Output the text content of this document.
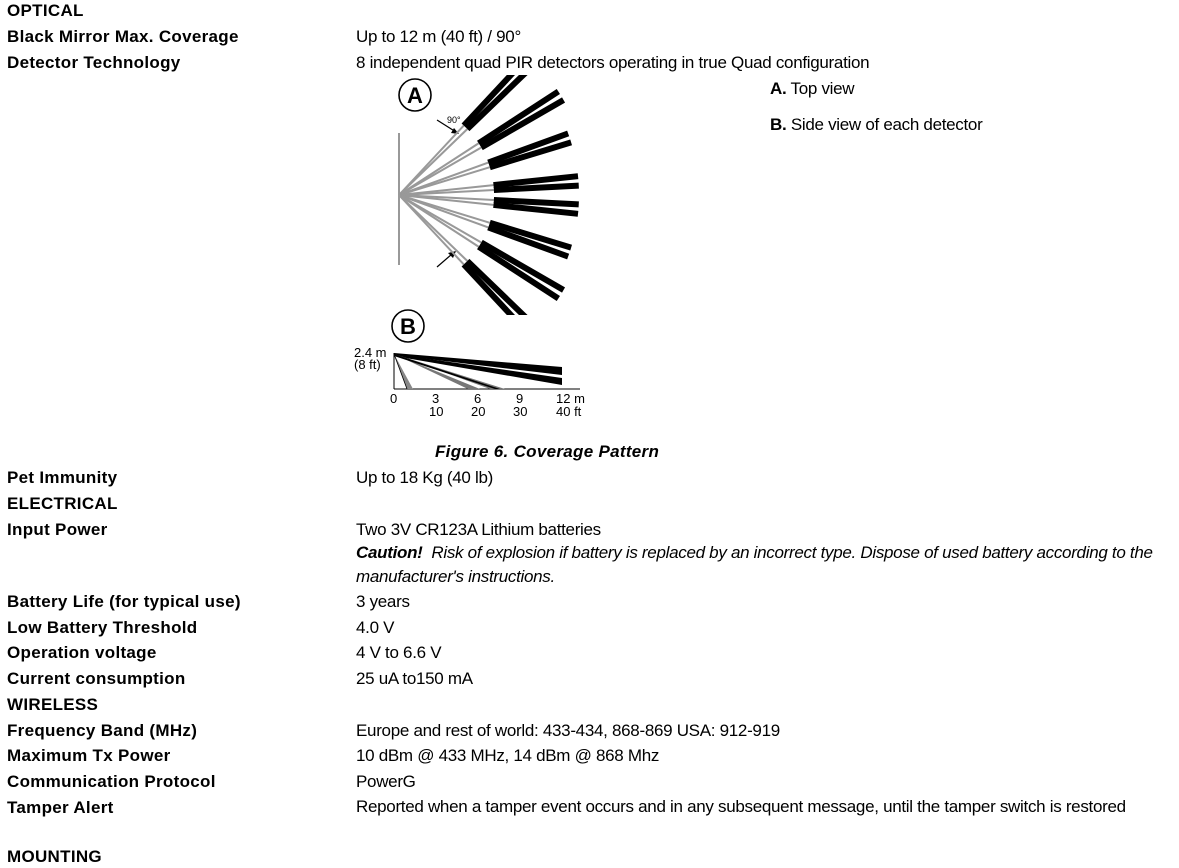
OPTICAL
Black Mirror Max. Coverage	Up to 12 m (40 ft) / 90°
Detector Technology	8 independent quad PIR detectors operating in true Quad configuration
A. Top view
B. Side view of each detector
A
90°
B
2.4 m
(8 ft)
0	3	6	9	12 m
10 20 30 40 ft
Figure 6. Coverage Pattern
Pet Immunity	Up to 18 Kg (40 lb)
ELECTRICAL
Input Power	Two 3V CR123A Lithium batteries
Caution! Risk of explosion if battery is replaced by an incorrect type. Dispose of used battery according to the manufacturer's instructions.
Battery Life (for typical use)	3 years
Low Battery Threshold	4.0 V
Operation voltage	4 V to 6.6 V
Current consumption	25 uA to150 mA
WIRELESS
Frequency Band (MHz)	Europe and rest of world: 433-434, 868-869 USA: 912-919
Maximum Tx Power	10 dBm @ 433 MHz, 14 dBm @ 868 Mhz
Communication Protocol	PowerG
Tamper Alert	Reported when a tamper event occurs and in any subsequent message, until the tamper switch is restored
MOUNTING
